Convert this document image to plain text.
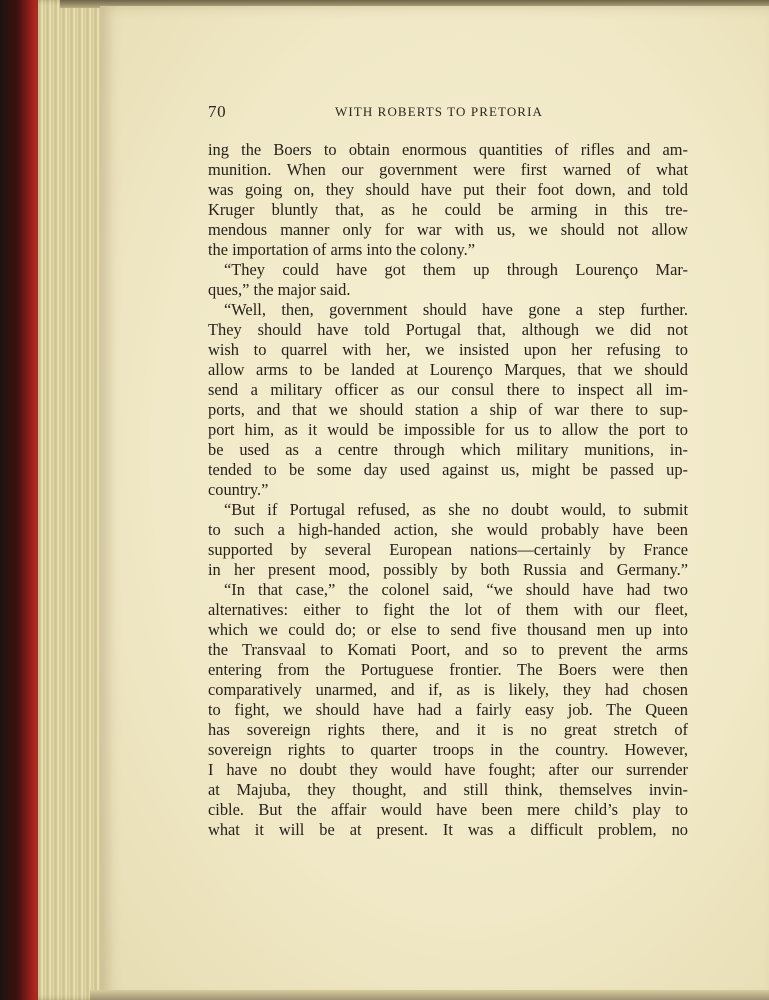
70	WITH ROBERTS TO PRETORIA
ing the Boers to obtain enormous quantities of rifles and am-
munition. When our government were first warned of what
was going on, they should have put their foot down, and told
Kruger bluntly that, as he could be arming in this tre-
mendous manner only for war with us, we should not allow
the importation of arms into the colony.”
“They could have got them up through Lourenço Mar-
ques,” the major said.
“Well, then, government should have gone a step further.
They should have told Portugal that, although we did not
wish to quarrel with her, we insisted upon her refusing to
allow arms to be landed at Lourenço Marques, that we should
send a military officer as our consul there to inspect all im-
ports, and that we should station a ship of war there to sup-
port him, as it would be impossible for us to allow the port to
be used as a centre through which military munitions, in-
tended to be some day used against us, might be passed up-
country.”
“But if Portugal refused, as she no doubt would, to submit
to such a high-handed action, she would probably have been
supported by several European nations—certainly by France
in her present mood, possibly by both Russia and Germany.”
“In that case,” the colonel said, “we should have had two
alternatives: either to fight the lot of them with our fleet,
which we could do; or else to send five thousand men up into
the Transvaal to Komati Poort, and so to prevent the arms
entering from the Portuguese frontier. The Boers were then
comparatively unarmed, and if, as is likely, they had chosen
to fight, we should have had a fairly easy job. The Queen
has sovereign rights there, and it is no great stretch of
sovereign rights to quarter troops in the country. However,
I have no doubt they would have fought; after our surrender
at Majuba, they thought, and still think, themselves invin-
cible. But the affair would have been mere child’s play to
what it will be at present. It was a difficult problem, no
